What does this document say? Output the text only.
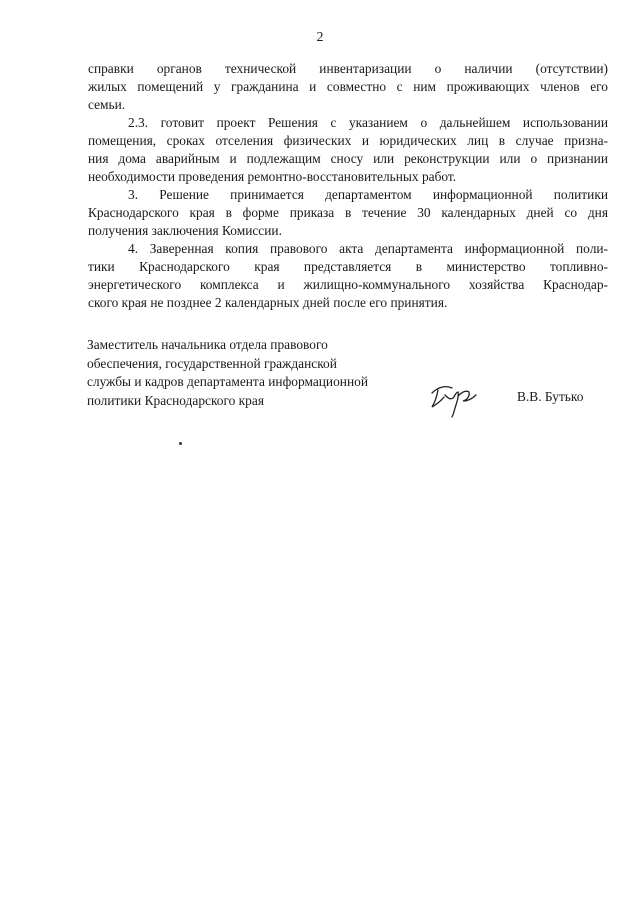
2

справки органов технической инвентаризации о наличии (отсутствии)
жилых помещений у гражданина и совместно с ним проживающих членов его
семьи.

2.3. готовит проект Решения с указанием о дальнейшем использовании
помещения, сроках отселения физических и юридических лиц в случае призна-
ния дома аварийным и подлежащим сносу или реконструкции или о признании
необходимости проведения ремонтно-восстановительных работ.

3. Решение принимается департаментом информационной политики
Краснодарского края в форме приказа в течение 30 календарных дней со дня
получения заключения Комиссии.

4. Заверенная копия правового акта департамента информационной поли-
тики Краснодарского края представляется в министерство топливно-
энергетического комплекса и жилищно-коммунального хозяйства Краснодар-
ского края не позднее 2 календарных дней после его принятия.

Заместитель начальника отдела правового
обеспечения, государственной гражданской
службы и кадров департамента информационной
политики Краснодарского края	В.В. Бутько
